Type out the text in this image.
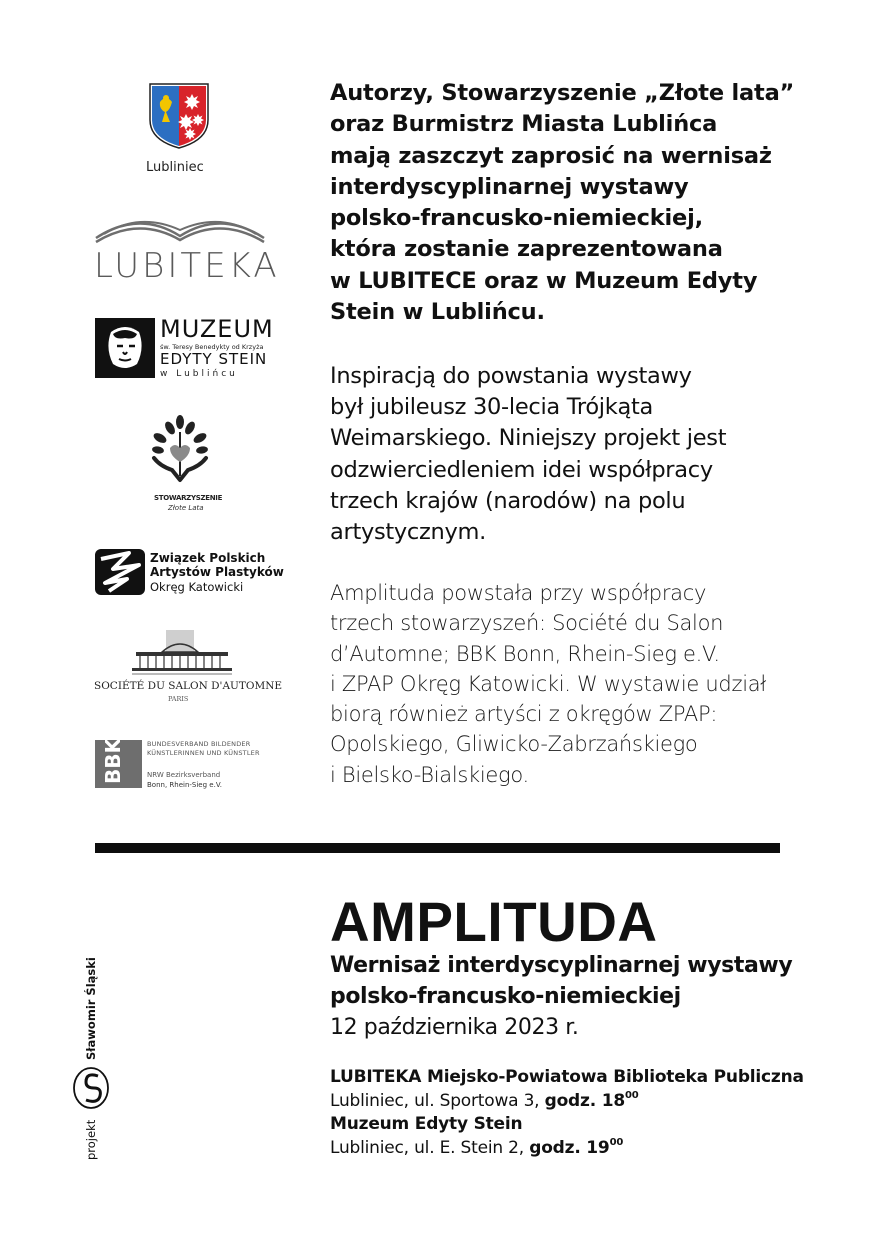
Lubliniec
LUBITEKA
MUZEUM
św. Teresy Benedykty od Krzyża
EDYTY STEIN
w Lublińcu
STOWARZYSZENIE
Złote Lata
Związek Polskich
Artystów Plastyków
Okręg Katowicki
SOCIÉTÉ DU SALON D'AUTOMNE
PARIS
BBK	BUNDESVERBAND BILDENDER
KÜNSTLERINNEN UND KÜNSTLER
NRW Bezirksverband
Bonn, Rhein-Sieg e.V.
Autorzy, Stowarzyszenie „Złote lata”
oraz Burmistrz Miasta Lublińca
mają zaszczyt zaprosić na wernisaż
interdyscyplinarnej wystawy
polsko-francusko-niemieckiej,
która zostanie zaprezentowana
w LUBITECE oraz w Muzeum Edyty
Stein w Lublińcu.
Inspiracją do powstania wystawy
był jubileusz 30-lecia Trójkąta
Weimarskiego. Niniejszy projekt jest
odzwierciedleniem idei współpracy
trzech krajów (narodów) na polu
artystycznym.
Amplituda powstała przy współpracy
trzech stowarzyszeń: Société du Salon
d’Automne; BBK Bonn, Rhein-Sieg e.V.
i ZPAP Okręg Katowicki. W wystawie udział
biorą również artyści z okręgów ZPAP:
Opolskiego, Gliwicko-Zabrzańskiego
i Bielsko-Bialskiego.
AMPLITUDA
Wernisaż interdyscyplinarnej wystawy
polsko-francusko-niemieckiej
12 października 2023 r.
LUBITEKA Miejsko-Powiatowa Biblioteka Publiczna
Lubliniec, ul. Sportowa 3, godz. $18^{00}$
Muzeum Edyty Stein
Lubliniec, ul. E. Stein 2, godz. $19^{00}$
projekt
Sławomir Śląski
